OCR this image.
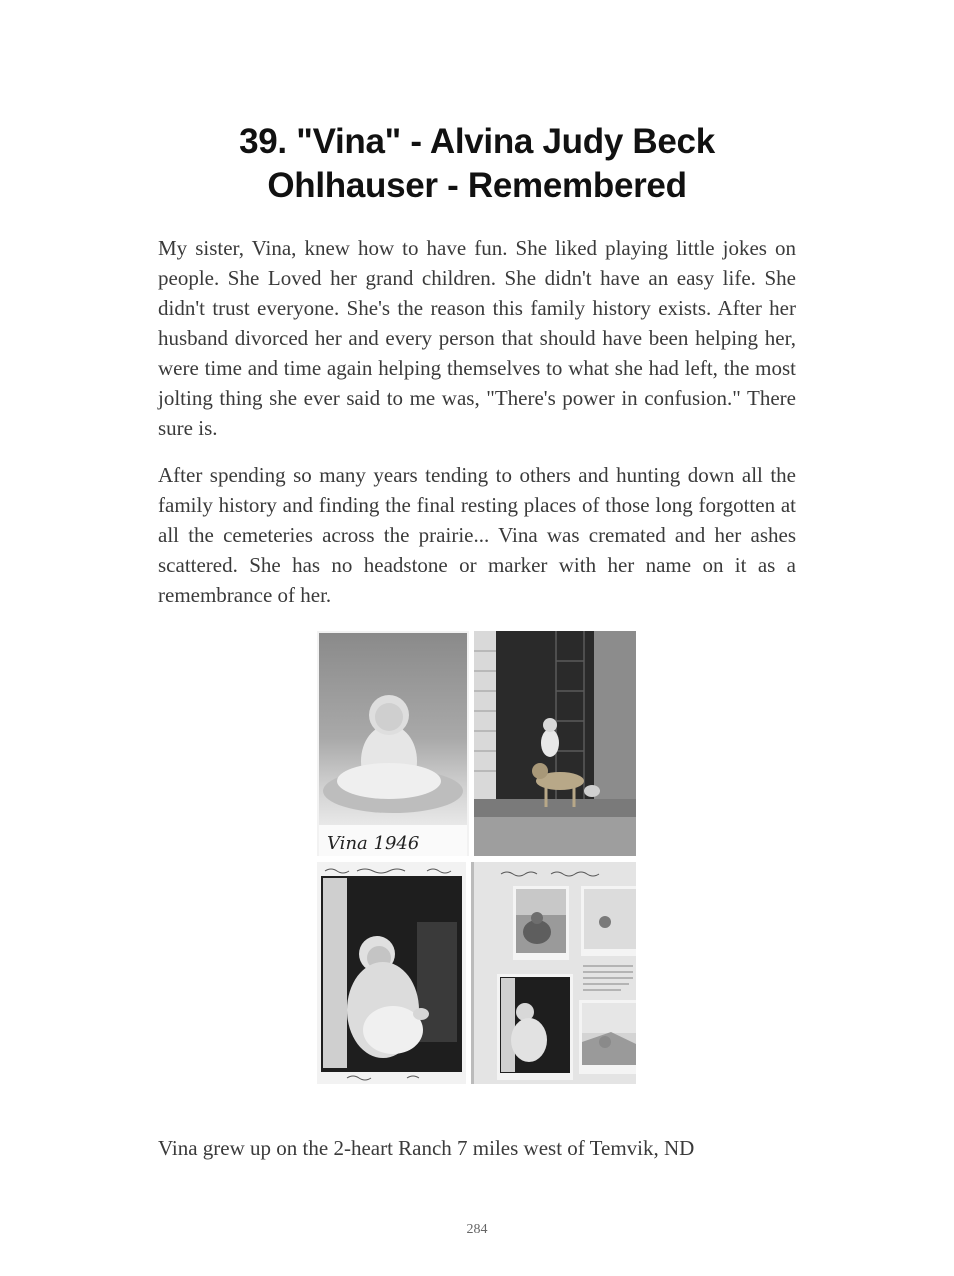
39. "Vina" - Alvina Judy Beck
Ohlhauser - Remembered

My sister, Vina, knew how to have fun. She liked playing little jokes on people. She Loved her grand children. She didn't have an easy life. She didn't trust everyone. She's the reason this family history exists. After her husband divorced her and every person that should have been helping her, were time and time again helping themselves to what she had left, the most jolting thing she ever said to me was, "There's power in confusion." There sure is.

After spending so many years tending to others and hunting down all the family history and finding the final resting places of those long forgotten at all the cemeteries across the prairie... Vina was cremated and her ashes scattered. She has no headstone or marker with her name on it as a remembrance of her.

Vina 1946

Vina grew up on the 2-heart Ranch 7 miles west of Temvik, ND

284
